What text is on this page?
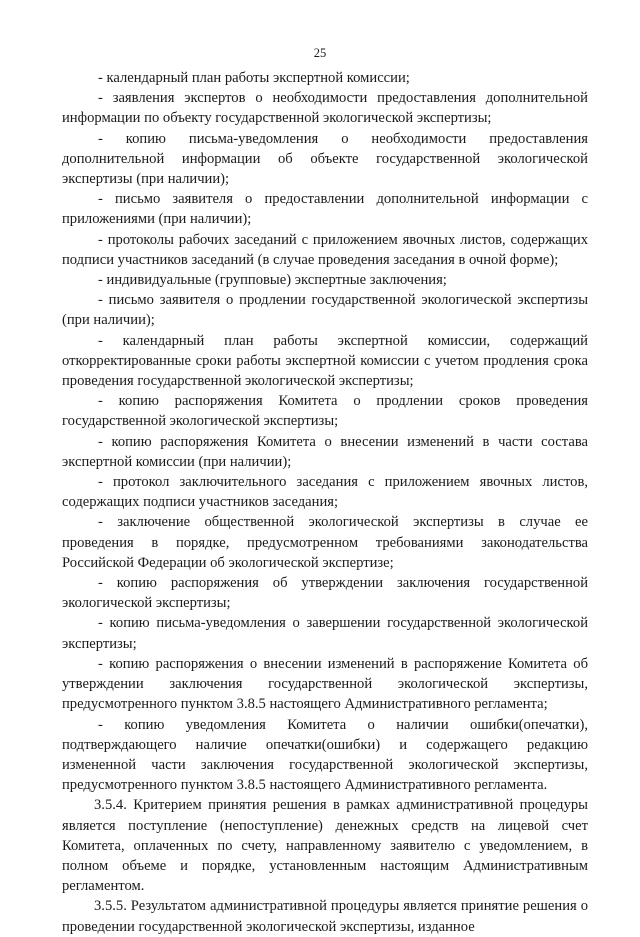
25

- календарный план работы экспертной комиссии;

- заявления экспертов о необходимости предоставления дополнительной информации по объекту государственной экологической экспертизы;

- копию письма-уведомления о необходимости предоставления дополнительной информации об объекте государственной экологической экспертизы (при наличии);

- письмо заявителя о предоставлении дополнительной информации с приложениями (при наличии);

- протоколы рабочих заседаний с приложением явочных листов, содержащих подписи участников заседаний (в случае проведения заседания в очной форме);

- индивидуальные (групповые) экспертные заключения;

- письмо заявителя о продлении государственной экологической экспертизы (при наличии);

- календарный план работы экспертной комиссии, содержащий откорректированные сроки работы экспертной комиссии с учетом продления срока проведения государственной экологической экспертизы;

- копию распоряжения Комитета о продлении сроков проведения государственной экологической экспертизы;

- копию распоряжения Комитета о внесении изменений в части состава экспертной комиссии (при наличии);

- протокол заключительного заседания с приложением явочных листов, содержащих подписи участников заседания;

- заключение общественной экологической экспертизы в случае ее проведения в порядке, предусмотренном требованиями законодательства Российской Федерации об экологической экспертизе;

- копию распоряжения об утверждении заключения государственной экологической экспертизы;

- копию письма-уведомления о завершении государственной экологической экспертизы;

- копию распоряжения о внесении изменений в распоряжение Комитета об утверждении заключения государственной экологической экспертизы, предусмотренного пунктом 3.8.5 настоящего Административного регламента;

- копию уведомления Комитета о наличии ошибки(опечатки), подтверждающего наличие опечатки(ошибки) и содержащего редакцию измененной части заключения государственной экологической экспертизы, предусмотренного пунктом 3.8.5 настоящего Административного регламента.

3.5.4. Критерием принятия решения в рамках административной процедуры является поступление (непоступление) денежных средств на лицевой счет Комитета, оплаченных по счету, направленному заявителю с уведомлением, в полном объеме и порядке, установленным настоящим Административным регламентом.

3.5.5. Результатом административной процедуры является принятие решения о проведении государственной экологической экспертизы, изданное
